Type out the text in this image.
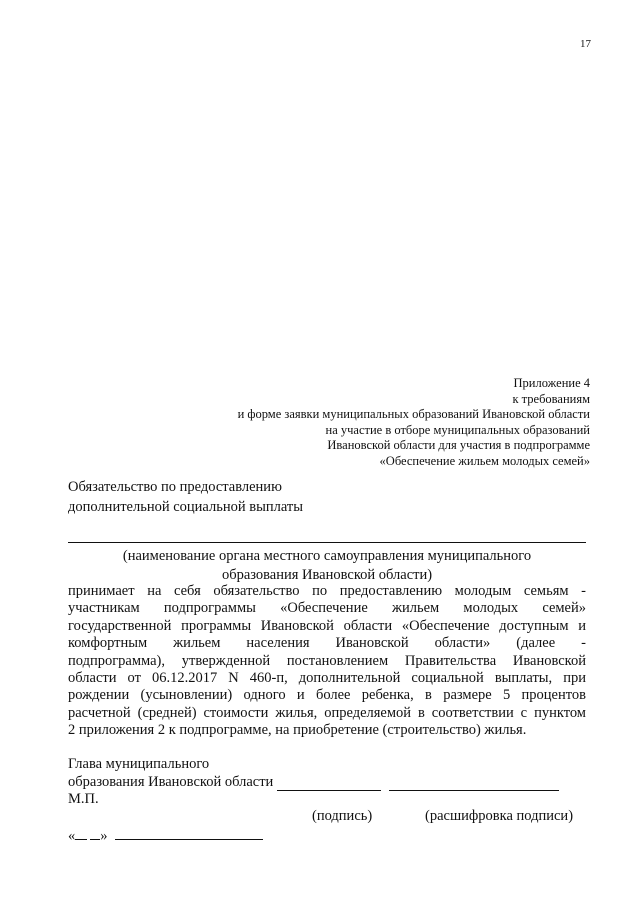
17
Приложение 4
к требованиям
и форме заявки муниципальных образований Ивановской области
на участие в отборе муниципальных образований
Ивановской области для участия в подпрограмме
«Обеспечение жильем молодых семей»
Обязательство по предоставлению
дополнительной социальной выплаты
(наименование органа местного самоуправления муниципального
образования Ивановской области)
принимает на себя обязательство по предоставлению молодым семьям -
участникам подпрограммы «Обеспечение жильем молодых семей»
государственной программы Ивановской области «Обеспечение доступным и
комфортным жильем населения Ивановской области» (далее -
подпрограмма), утвержденной постановлением Правительства Ивановской
области от 06.12.2017 N 460-п, дополнительной социальной выплаты, при
рождении (усыновлении) одного и более ребенка, в размере 5 процентов
расчетной (средней) стоимости жилья, определяемой в соответствии с пунктом
2 приложения 2 к подпрограмме, на приобретение (строительство) жилья.
Глава муниципального
образования Ивановской области
М.П.
(подпись)	(расшифровка подписи)
« »
